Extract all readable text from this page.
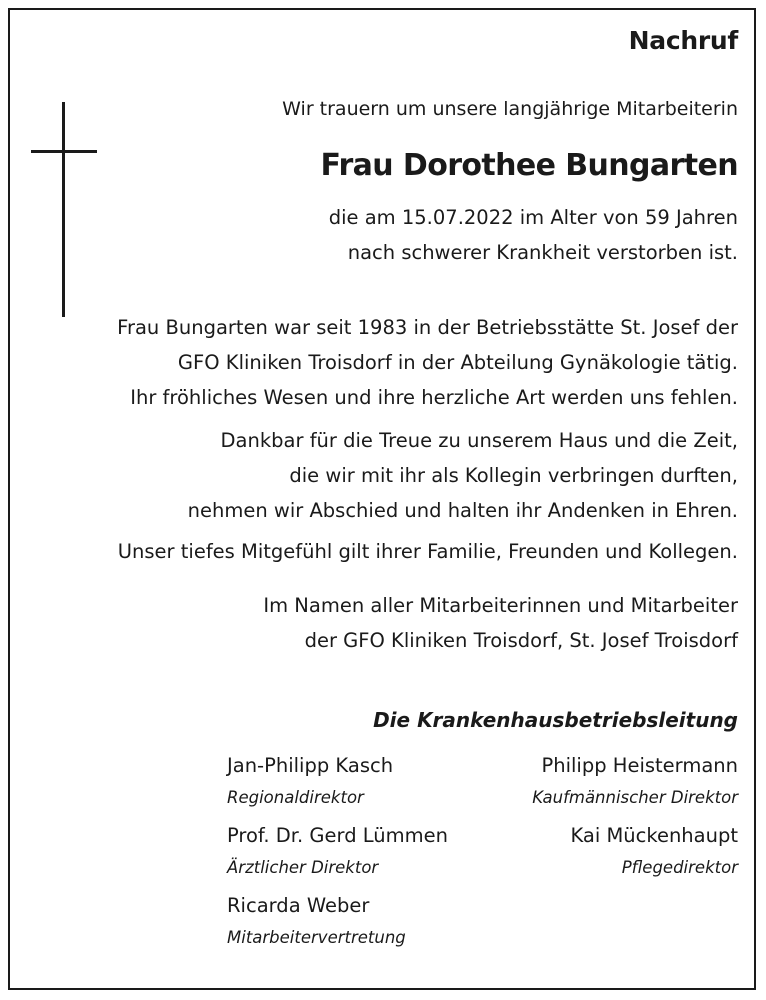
Nachruf
Wir trauern um unsere langjährige Mitarbeiterin
Frau Dorothee Bungarten
die am 15.07.2022 im Alter von 59 Jahren
nach schwerer Krankheit verstorben ist.
Frau Bungarten war seit 1983 in der Betriebsstätte St. Josef der
GFO Kliniken Troisdorf in der Abteilung Gynäkologie tätig.
Ihr fröhliches Wesen und ihre herzliche Art werden uns fehlen.
Dankbar für die Treue zu unserem Haus und die Zeit,
die wir mit ihr als Kollegin verbringen durften,
nehmen wir Abschied und halten ihr Andenken in Ehren.
Unser tiefes Mitgefühl gilt ihrer Familie, Freunden und Kollegen.
Im Namen aller Mitarbeiterinnen und Mitarbeiter
der GFO Kliniken Troisdorf, St. Josef Troisdorf
Die Krankenhausbetriebsleitung
Jan-Philipp Kasch
Regionaldirektor
Philipp Heistermann
Kaufmännischer Direktor
Prof. Dr. Gerd Lümmen
Ärztlicher Direktor
Kai Mückenhaupt
Pflegedirektor
Ricarda Weber
Mitarbeitervertretung
